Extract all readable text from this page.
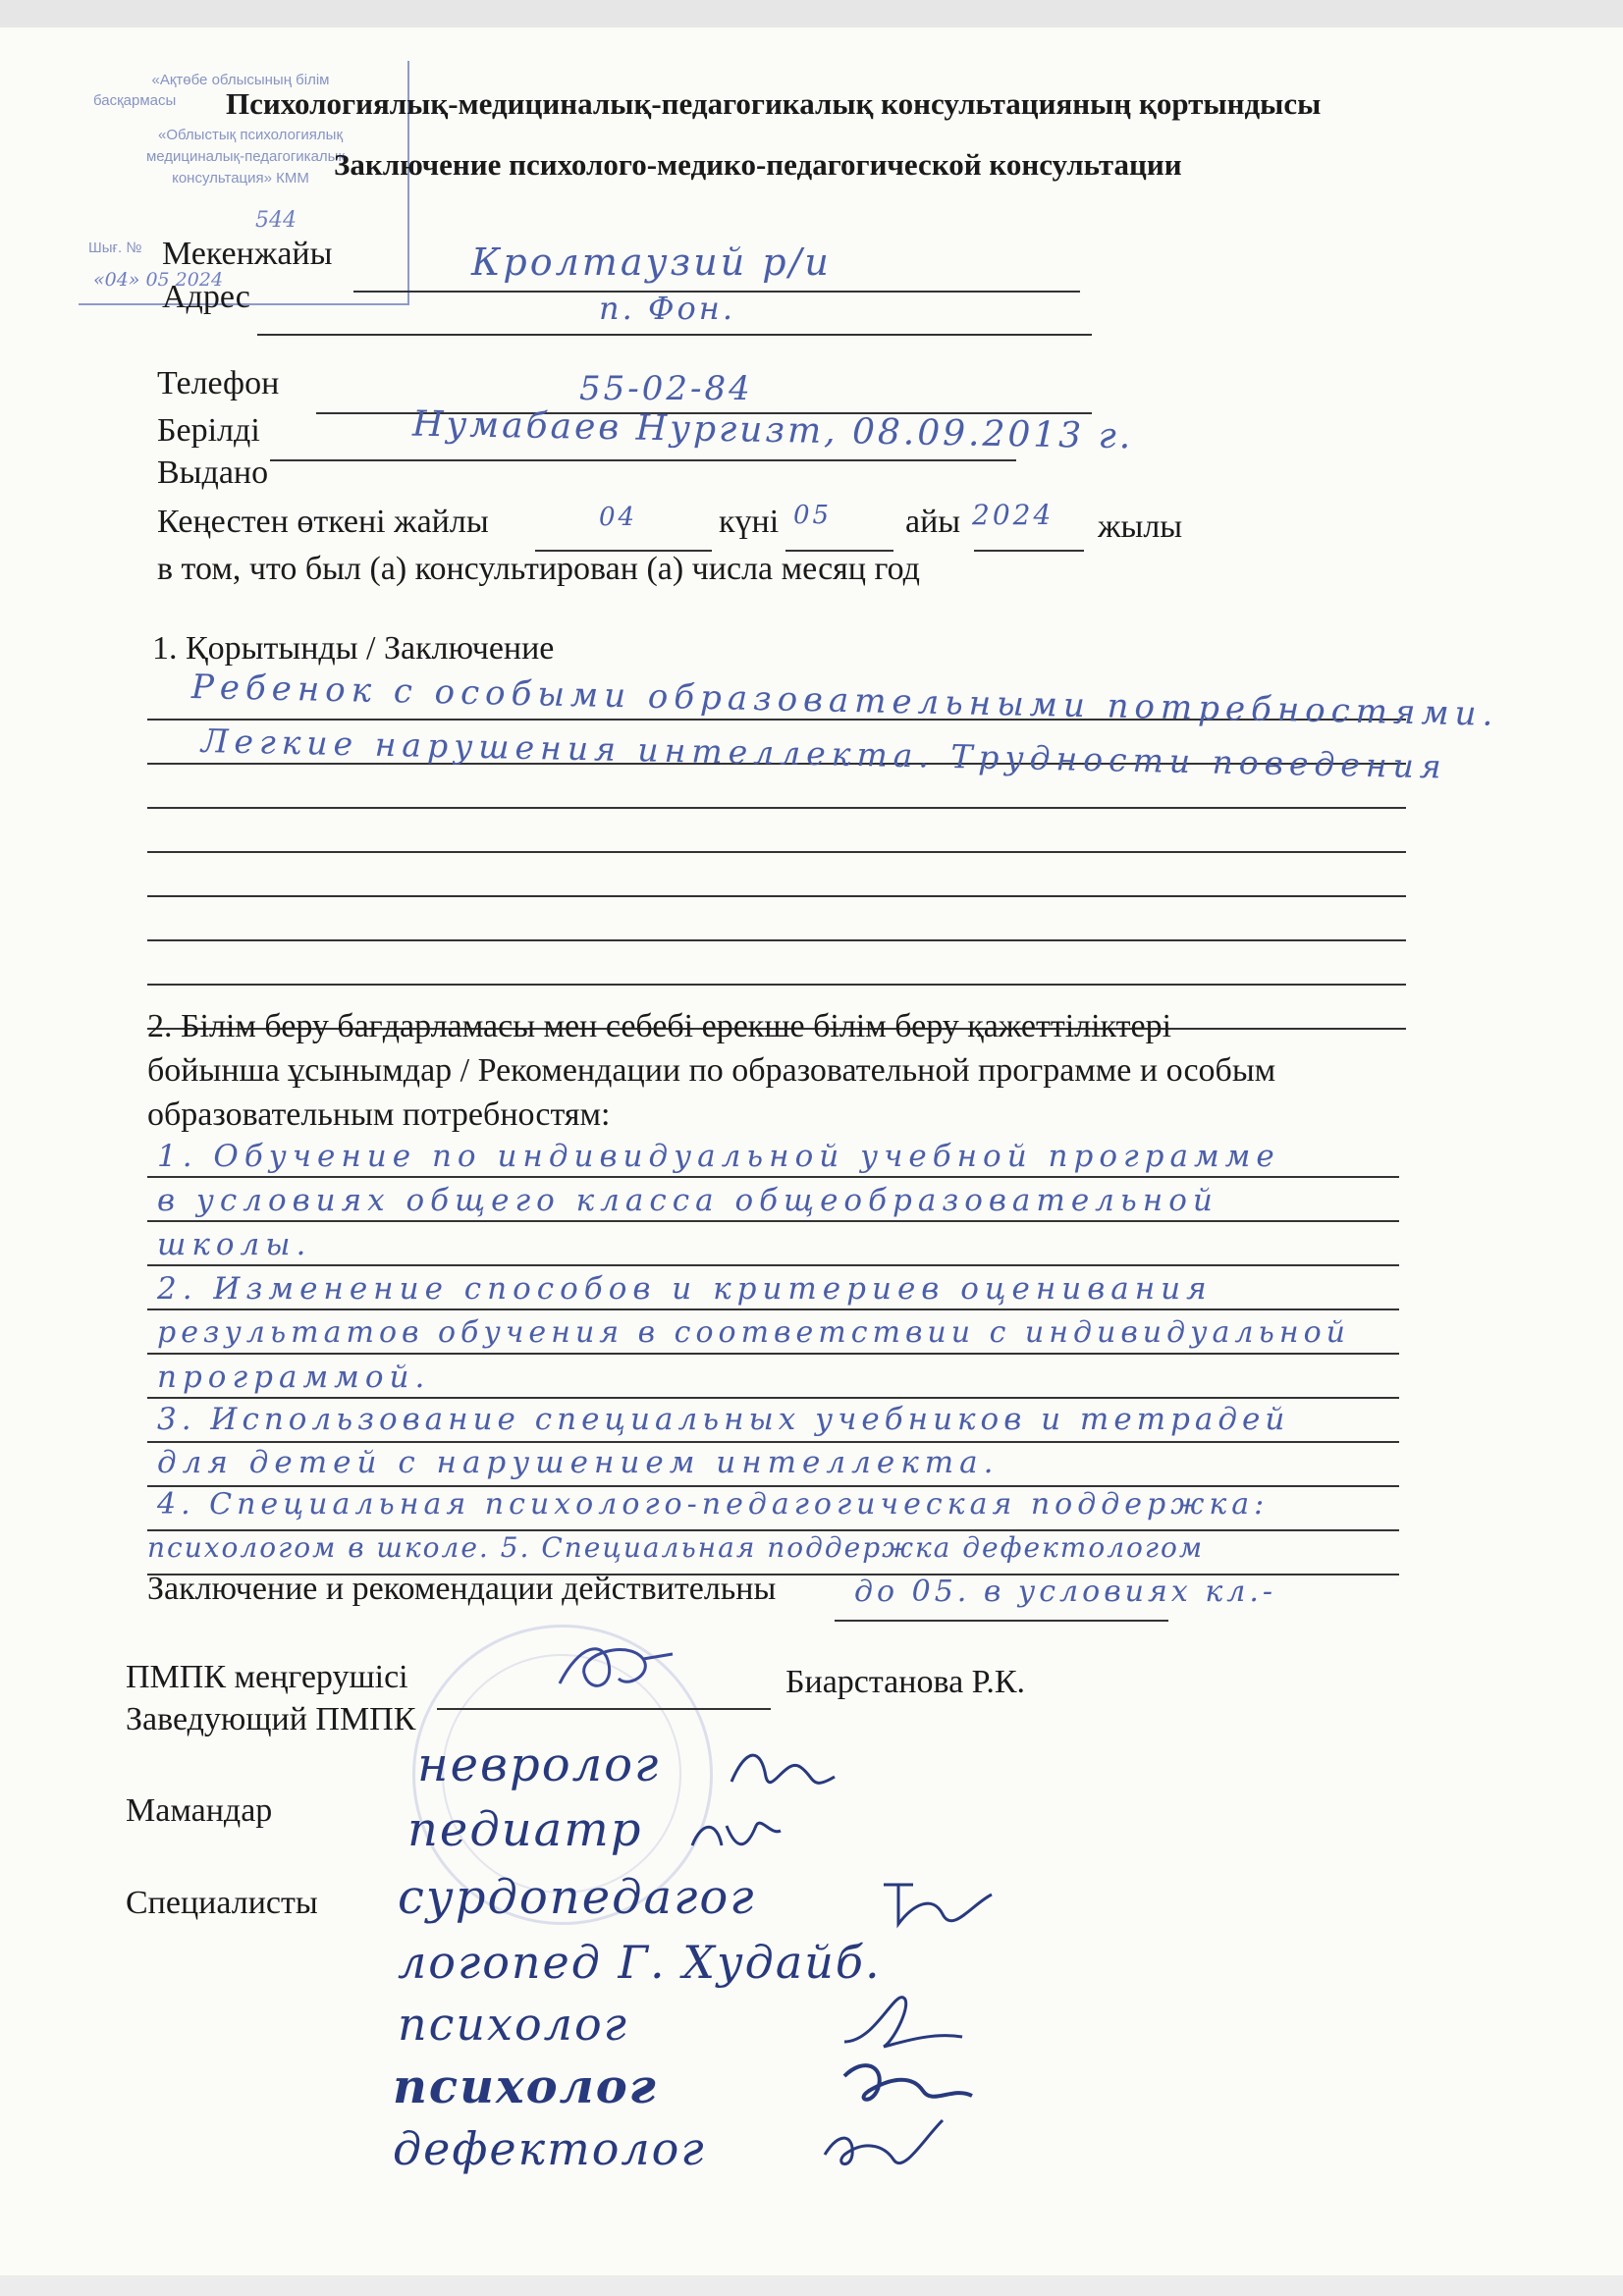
«Ақтөбе облысының білім
басқармасы
«Облыстық психологиялық
медициналық-педагогикалық
консультация» КММ
Шығ. №
544
«04» 05 2024
Психологиялық-медициналық-педагогикалық консультацияның қортындысы
Заключение психолого-медико-педагогической консультации
Мекенжайы	Кролтаузий р/и
Адрес	п. Фон.
Телефон	55-02-84
Берілді	Нумабаев Нургизт, 08.09.2013 г.
Выдано
Кеңестен өткені жайлы	04 күні 05 айы 2024 жылы
в том, что был (а) консультирован (а) числа месяц год
1. Қорытынды / Заключение
Ребенок с особыми образовательными потребностями.
Легкие нарушения интеллекта. Трудности поведения
2. Білім беру бағдарламасы мен себебі ерекше білім беру қажеттіліктері
бойынша ұсынымдар / Рекомендации по образовательной программе и особым
образовательным потребностям:
1. Обучение по индивидуальной учебной программе
в условиях общего класса общеобразовательной
школы.
2. Изменение способов и критериев оценивания
результатов обучения в соответствии с индивидуальной
программой.
3. Использование специальных учебников и тетрадей
для детей с нарушением интеллекта.
4. Специальная психолого-педагогическая поддержка:
психологом в школе. 5. Специальная поддержка дефектологом
Заключение и рекомендации действительны	до 05. в условиях кл.-
ПМПК меңгерушісі	Биарстанова Р.К.
Заведующий ПМПК
Мамандар
Специалисты
невролог
педиатр
сурдопедагог
логопед Г. Худайб.
психолог
психолог
дефектолог
